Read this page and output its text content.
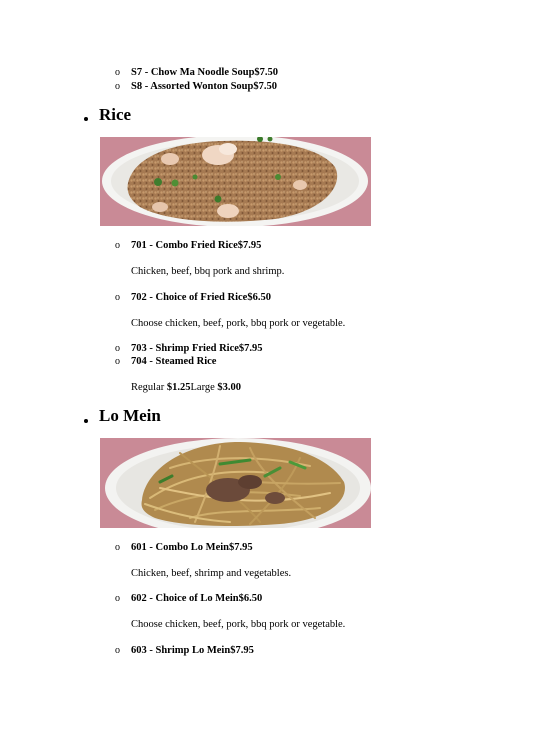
o S7 - Chow Ma Noodle Soup$7.50
o S8 - Assorted Wonton Soup$7.50
Rice
o 701 - Combo Fried Rice$7.95
Chicken, beef, bbq pork and shrimp.
o 702 - Choice of Fried Rice$6.50
Choose chicken, beef, pork, bbq pork or vegetable.
o 703 - Shrimp Fried Rice$7.95
o 704 - Steamed Rice
Regular $1.25Large $3.00
Lo Mein
o 601 - Combo Lo Mein$7.95
Chicken, beef, shrimp and vegetables.
o 602 - Choice of Lo Mein$6.50
Choose chicken, beef, pork, bbq pork or vegetable.
o 603 - Shrimp Lo Mein$7.95
